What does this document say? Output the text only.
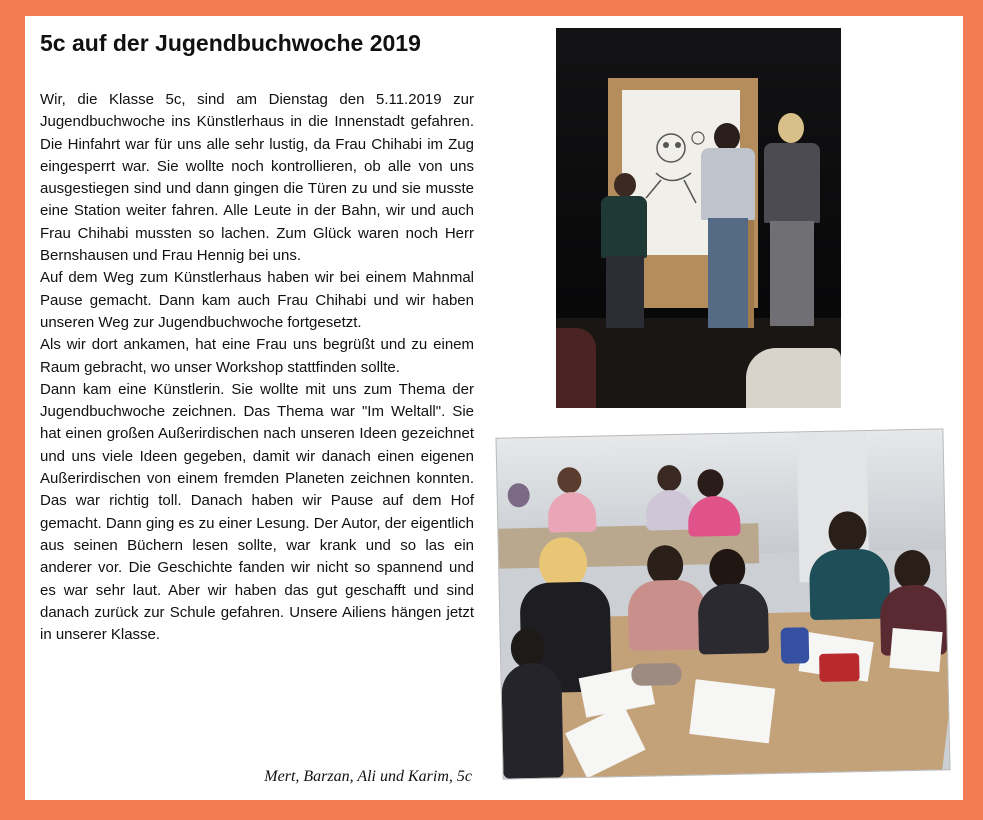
5c auf der Jugendbuchwoche 2019

Wir, die Klasse 5c, sind am Dienstag den 5.11.2019 zur Jugendbuchwoche ins Künstlerhaus in die Innenstadt gefahren. Die Hinfahrt war für uns alle sehr lustig, da Frau Chihabi im Zug eingesperrt war. Sie wollte noch kontrollieren, ob alle von uns ausgestiegen sind und dann gingen die Türen zu und sie musste eine Station weiter fahren. Alle Leute in der Bahn, wir und auch Frau Chihabi mussten so lachen. Zum Glück waren noch Herr Bernshausen und Frau Hennig bei uns.

Auf dem Weg zum Künstlerhaus haben wir bei einem Mahnmal Pause gemacht. Dann kam auch Frau Chihabi und wir haben unseren Weg zur Jugendbuchwoche fortgesetzt.

Als wir dort ankamen, hat eine Frau uns begrüßt und zu einem Raum gebracht, wo unser Workshop stattfinden sollte.

Dann kam eine Künstlerin. Sie wollte mit uns zum Thema der Jugendbuchwoche zeichnen. Das Thema war "Im Weltall". Sie hat einen großen Außerirdischen nach unseren Ideen gezeichnet und uns viele Ideen gegeben, damit wir danach einen eigenen Außerirdischen von einem fremden Planeten zeichnen konnten. Das war richtig toll. Danach haben wir Pause auf dem Hof gemacht. Dann ging es zu einer Lesung. Der Autor, der eigentlich aus seinen Büchern lesen sollte, war krank und so las ein anderer vor. Die Geschichte fanden wir nicht so spannend und es war sehr laut. Aber wir haben das gut geschafft und sind danach zurück zur Schule gefahren. Unsere Ailiens hängen jetzt in unserer Klasse.

Mert, Barzan, Ali und Karim, 5c
